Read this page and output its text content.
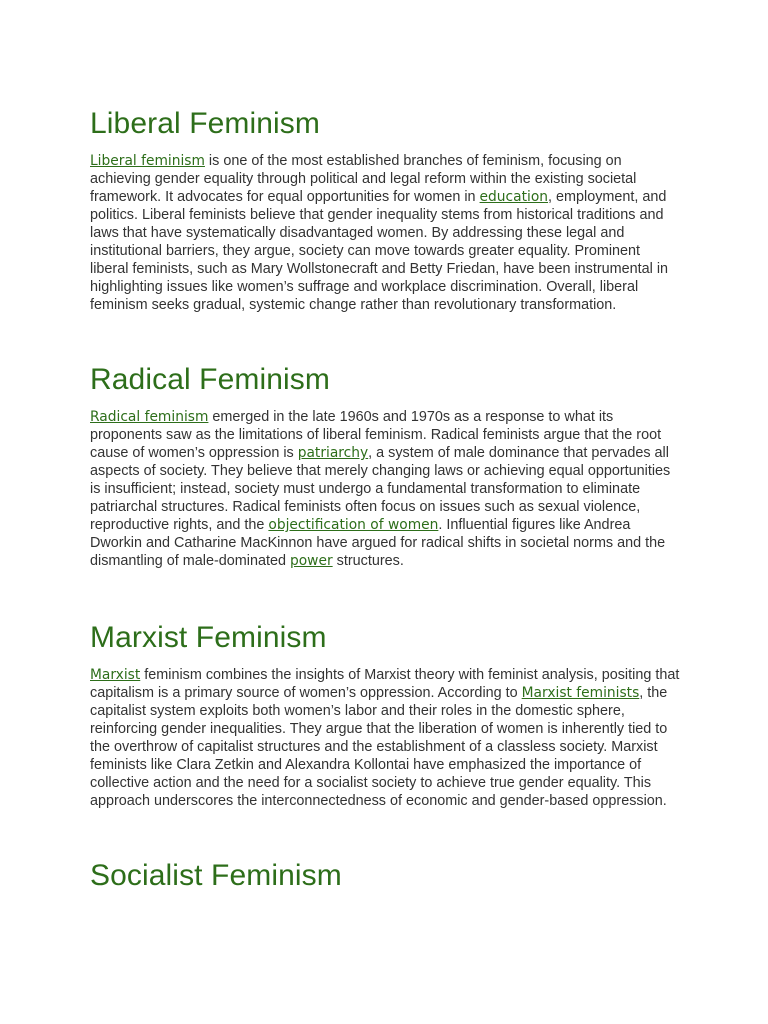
Liberal Feminism

Liberal feminism is one of the most established branches of feminism, focusing on achieving gender equality through political and legal reform within the existing societal framework. It advocates for equal opportunities for women in education, employment, and politics. Liberal feminists believe that gender inequality stems from historical traditions and laws that have systematically disadvantaged women. By addressing these legal and institutional barriers, they argue, society can move towards greater equality. Prominent liberal feminists, such as Mary Wollstonecraft and Betty Friedan, have been instrumental in highlighting issues like women’s suffrage and workplace discrimination. Overall, liberal feminism seeks gradual, systemic change rather than revolutionary transformation.

Radical Feminism

Radical feminism emerged in the late 1960s and 1970s as a response to what its proponents saw as the limitations of liberal feminism. Radical feminists argue that the root cause of women’s oppression is patriarchy, a system of male dominance that pervades all aspects of society. They believe that merely changing laws or achieving equal opportunities is insufficient; instead, society must undergo a fundamental transformation to eliminate patriarchal structures. Radical feminists often focus on issues such as sexual violence, reproductive rights, and the objectification of women. Influential figures like Andrea Dworkin and Catharine MacKinnon have argued for radical shifts in societal norms and the dismantling of male-dominated power structures.

Marxist Feminism

Marxist feminism combines the insights of Marxist theory with feminist analysis, positing that capitalism is a primary source of women’s oppression. According to Marxist feminists, the capitalist system exploits both women’s labor and their roles in the domestic sphere, reinforcing gender inequalities. They argue that the liberation of women is inherently tied to the overthrow of capitalist structures and the establishment of a classless society. Marxist feminists like Clara Zetkin and Alexandra Kollontai have emphasized the importance of collective action and the need for a socialist society to achieve true gender equality. This approach underscores the interconnectedness of economic and gender-based oppression.

Socialist Feminism
